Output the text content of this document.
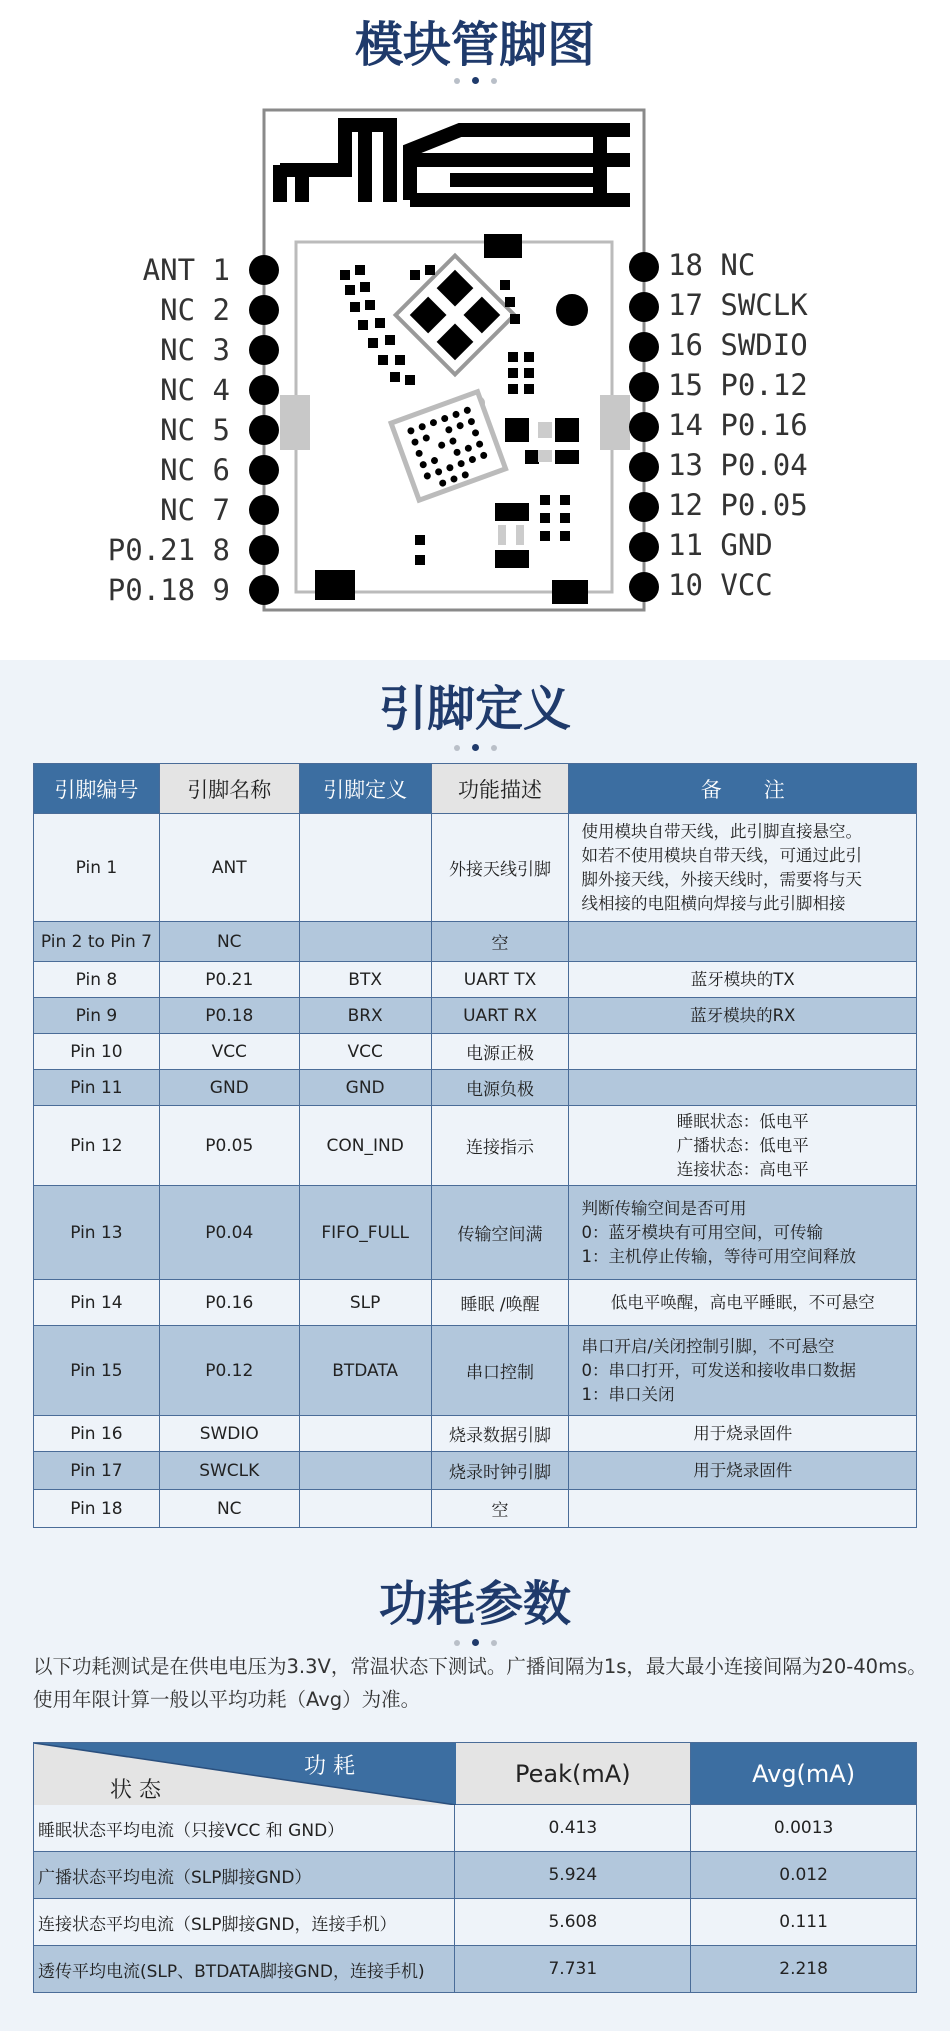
模块管脚图
ANT 1
NC 2
NC 3
NC 4
NC 5
NC 6
NC 7
P0.21 8
P0.18 9
18 NC
17 SWCLK
16 SWDIO
15 P0.12
14 P0.16
13 P0.04
12 P0.05
11 GND
10 VCC
引脚定义
引脚编号	引脚名称	引脚定义	功能描述	备　　注
Pin 1	ANT		外接天线引脚	使用模块自带天线，此引脚直接悬空。
如若不使用模块自带天线，可通过此引
脚外接天线，外接天线时，需要将与天
线相接的电阻横向焊接与此引脚相接

Pin 2 to Pin 7	NC		空	
Pin 8	P0.21	BTX	UART TX	蓝牙模块的TX

Pin 9	P0.18	BRX	UART RX	蓝牙模块的RX

Pin 10	VCC	VCC	电源正极	
Pin 11	GND	GND	电源负极	
Pin 12	P0.05	CON_IND	连接指示	睡眠状态：低电平
广播状态：低电平
连接状态：高电平

Pin 13	P0.04	FIFO_FULL	传输空间满	判断传输空间是否可用
0：蓝牙模块有可用空间，可传输
1：主机停止传输，等待可用空间释放

Pin 14	P0.16	SLP	睡眠 /唤醒	低电平唤醒，高电平睡眠，不可悬空

Pin 15	P0.12	BTDATA	串口控制	串口开启/关闭控制引脚，不可悬空
0：串口打开，可发送和接收串口数据
1：串口关闭

Pin 16	SWDIO		烧录数据引脚	用于烧录固件

Pin 17	SWCLK		烧录时钟引脚	用于烧录固件

Pin 18	NC		空	
功耗参数
以下功耗测试是在供电电压为3.3V，常温状态下测试。广播间隔为1s，最大最小连接间隔为20-40ms。
使用年限计算一般以平均功耗（Avg）为准。
功 耗
状 态	Peak(mA)	Avg(mA)
睡眠状态平均电流（只接VCC 和 GND）	0.413	0.0013
广播状态平均电流（SLP脚接GND）	5.924	0.012
连接状态平均电流（SLP脚接GND，连接手机）	5.608	0.111
透传平均电流(SLP、BTDATA脚接GND，连接手机)	7.731	2.218
